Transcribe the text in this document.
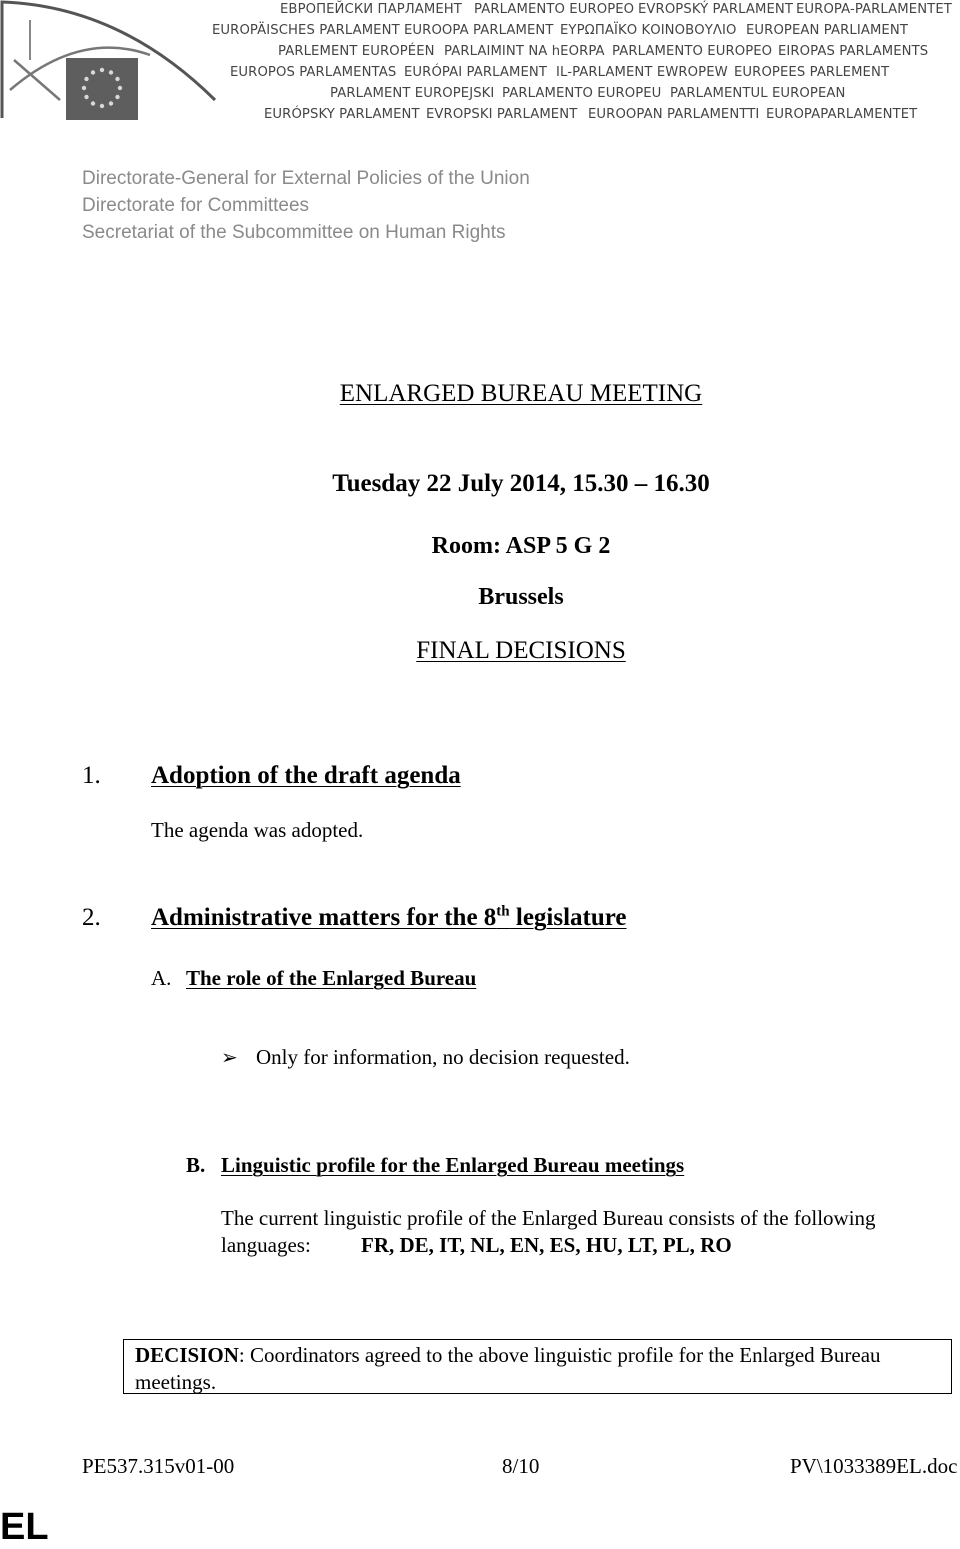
ЕВРОПЕЙСКИ ПАРЛАМЕНТ PARLAMENTO EUROPEO EVROPSKÝ PARLAMENT EUROPA-PARLAMENTET
EUROPÄISCHES PARLAMENT EUROOPA PARLAMENT ΕΥΡΩΠΑΪΚΟ ΚΟΙΝΟΒΟΥΛΙΟ EUROPEAN PARLIAMENT
PARLEMENT EUROPÉEN PARLAIMINT NA hEORPA PARLAMENTO EUROPEO EIROPAS PARLAMENTS
EUROPOS PARLAMENTAS EURÓPAI PARLAMENT IL-PARLAMENT EWROPEW EUROPEES PARLEMENT
PARLAMENT EUROPEJSKI PARLAMENTO EUROPEU PARLAMENTUL EUROPEAN
EURÓPSKY PARLAMENT EVROPSKI PARLAMENT EUROOPAN PARLAMENTTI EUROPAPARLAMENTET
Directorate-General for External Policies of the Union
Directorate for Committees
Secretariat of the Subcommittee on Human Rights
ENLARGED BUREAU MEETING
Tuesday 22 July 2014, 15.30 – 16.30
Room: ASP 5 G 2
Brussels
FINAL DECISIONS
1. Adoption of the draft agenda
The agenda was adopted.
2. Administrative matters for the 8th legislature
A. The role of the Enlarged Bureau
➢ Only for information, no decision requested.
B. Linguistic profile for the Enlarged Bureau meetings
The current linguistic profile of the Enlarged Bureau consists of the following
languages: FR, DE, IT, NL, EN, ES, HU, LT, PL, RO
DECISION: Coordinators agreed to the above linguistic profile for the Enlarged Bureau meetings.
PE537.315v01-00	8/10	PV\1033389EL.doc
EL
